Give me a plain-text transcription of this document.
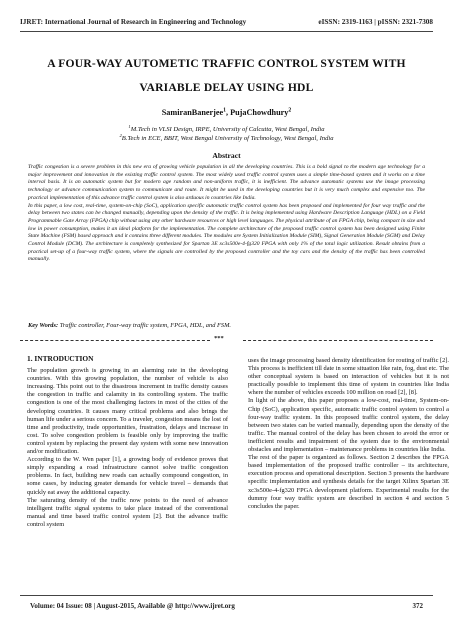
IJRET: International Journal of Research in Engineering and Technology	eISSN: 2319-1163 | pISSN: 2321-7308
A FOUR-WAY AUTOMETIC TRAFFIC CONTROL SYSTEM WITH
VARIABLE DELAY USING HDL
SamiranBanerjee$^1$, PujaChowdhury$^2$
$^1$M.Tech in VLSI Design, IRPE, University of Calcutta, West Bengal, India
$^2$B.Tech in ECE, BBIT, West Bengal University of Technology, West Bengal, India
Abstract

Traffic congestion is a severe problem in this new era of growing vehicle population in all the developing countries. This is a bold signal to the modern age technology for a major improvement and innovation in the existing traffic control system. The most widely used traffic control system uses a simple time-based system and it works on a time interval basis. It is an automatic system but for modern age random and non-uniform traffic, it is inefficient. The advance automatic systems use the image processing technology or advance communication system to communicate and route. It might be used in the developing countries but it is very much complex and expensive too. The practical implementation of this advance traffic control system is also arduous in countries like India.

In this paper, a low cost, real-time, system-on-chip (SoC), application specific automatic traffic control system has been proposed and implemented for four way traffic and the delay between two states can be changed manually, depending upon the density of the traffic. It is being implemented using Hardware Description Language (HDL) on a Field Programmable Gate Array (FPGA) chip without using any other hardware resources or high level languages. The physical attribute of an FPGA chip, being compact in size and low in power consumption, makes it an ideal platform for the implementation. The complete architecture of the proposed traffic control system has been designed using Finite State Machine (FSM) based approach and it contains three different modules. The modules are System Initialization Module (SIM), Signal Generation Module (SGM) and Delay Control Module (DCM). The architecture is completely synthesized for Spartan 3E xc3s500e-4-fg320 FPGA with only 1% of the total logic utilization. Result obtains from a practical set-up of a four-way traffic system, where the signals are controlled by the proposed controller and the toy cars and the density of the traffic has been controlled manually.

Key Words: Traffic controller, Four-way traffic system, FPGA, HDL, and FSM.
***

1. INTRODUCTION

The population growth is growing in an alarming rate in the developing countries. With this growing population, the number of vehicle is also increasing. This point out to the disastrous increment in traffic density causes the congestion in traffic and calamity in its controlling system. The traffic congestion is one of the most challenging factors in most of the cities of the developing countries. It causes many critical problems and also brings the human life under a serious concern. To a traveler, congestion means the lost of time and productivity, trade opportunities, frustration, delays and increase in cost. To solve congestion problem is feasible only by improving the traffic control system by replacing the present day system with some new innovation and/or modification.

According to the W. Wen paper [1], a growing body of evidence proves that simply expanding a road infrastructure cannot solve traffic congestion problems. In fact, building new roads can actually compound congestion, in some cases, by inducing greater demands for vehicle travel – demands that quickly eat away the additional capacity.

The saturating density of the traffic now points to the need of advance intelligent traffic signal systems to take place instead of the conventional manual and time based traffic control system [2]. But the advance traffic control system

uses the image processing based density identification for routing of traffic [2]. This process is inefficient till date in some situation like rain, fog, dust etc. The other conceptual system is based on interaction of vehicles but it is not practically possible to implement this time of system in countries like India where the number of vehicles exceeds 100 million on road [2], [8].

In light of the above, this paper proposes a low-cost, real-time, System-on-Chip (SoC), application specific, automatic traffic control system to control a four-way traffic system. In this proposed traffic control system, the delay between two states can be varied manually, depending upon the density of the traffic. The manual control of the delay has been chosen to avoid the error or inefficient results and impairment of the system due to the environmental obstacles and implementation – maintenance problems in countries like India.

The rest of the paper is organized as follows. Section 2 describes the FPGA based implementation of the proposed traffic controller – its architecture, execution process and operational description. Section 3 presents the hardware specific implementation and synthesis details for the target Xilinx Spartan 3E xc3s500e-4-fg320 FPGA development platform. Experimental results for the dummy four way traffic system are described in section 4 and section 5 concludes the paper.

Volume: 04 Issue: 08 | August-2015, Available @ http://www.ijret.org	372
